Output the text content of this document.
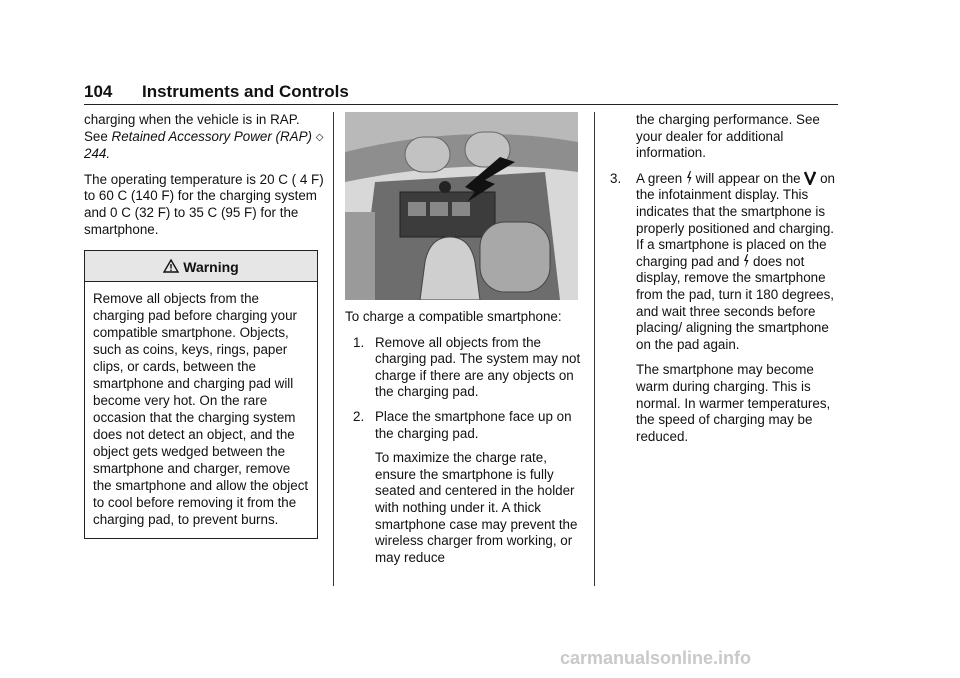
104 Instruments and Controls

charging when the vehicle is in RAP. See Retained Accessory Power (RAP) ◇ 244.

The operating temperature is 20 C ( 4 F) to 60 C (140 F) for the charging system and 0 C (32 F) to 35 C (95 F) for the smartphone.

Warning
Remove all objects from the charging pad before charging your compatible smartphone. Objects, such as coins, keys, rings, paper clips, or cards, between the smartphone and charging pad will become very hot. On the rare occasion that the charging system does not detect an object, and the object gets wedged between the smartphone and charger, remove the smartphone and allow the object to cool before removing it from the charging pad, to prevent burns.

To charge a compatible smartphone:

1. Remove all objects from the charging pad. The system may not charge if there are any objects on the charging pad.

2. Place the smartphone face up on the charging pad.

To maximize the charge rate, ensure the smartphone is fully seated and centered in the holder with nothing under it. A thick smartphone case may prevent the wireless charger from working, or may reduce

the charging performance. See your dealer for additional information.

3. A green will appear on the on the infotainment display. This indicates that the smartphone is properly positioned and charging. If a smartphone is placed on the charging pad and does not display, remove the smartphone from the pad, turn it 180 degrees, and wait three seconds before placing/ aligning the smartphone on the pad again.

The smartphone may become warm during charging. This is normal. In warmer temperatures, the speed of charging may be reduced.

carmanualsonline.info
